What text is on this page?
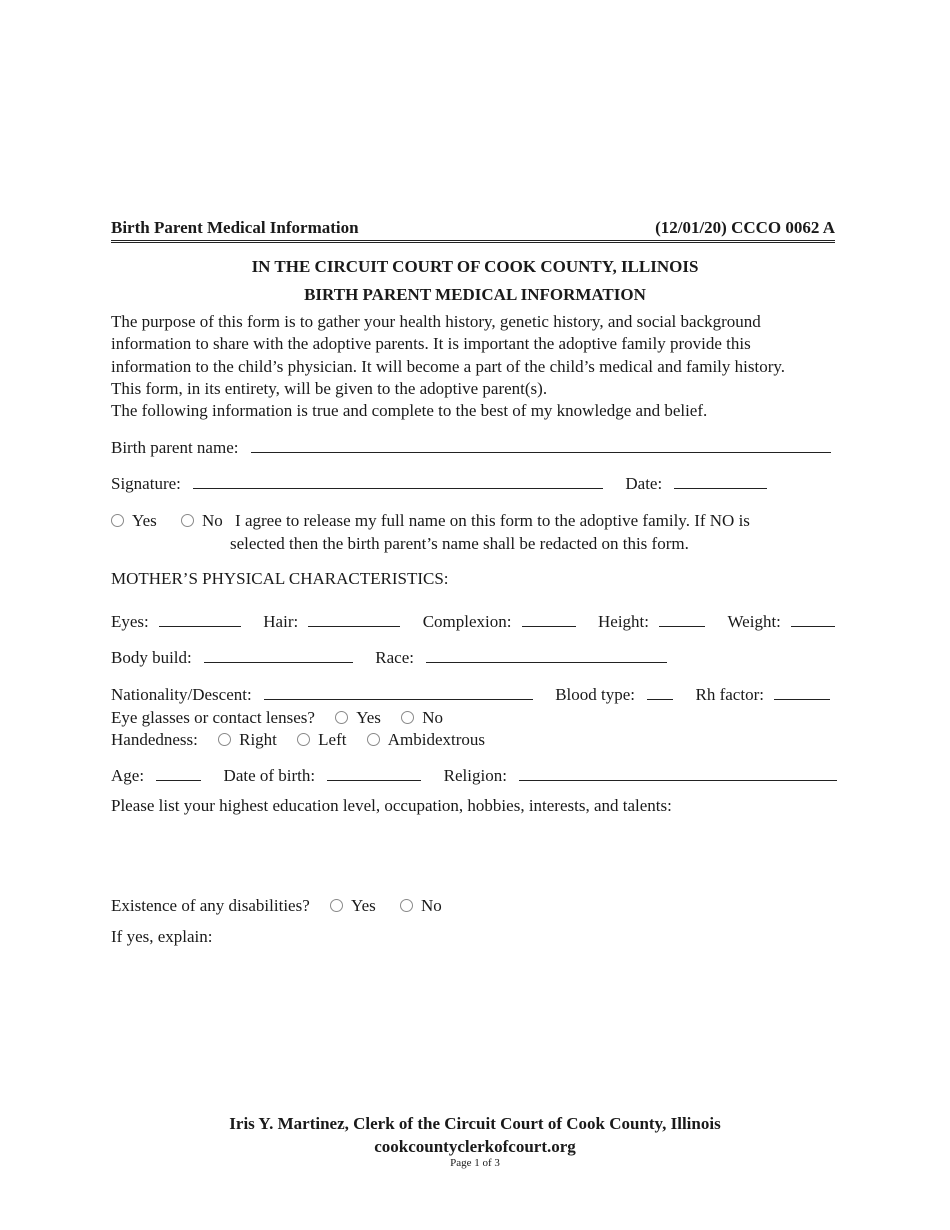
Birth Parent Medical Information	(12/01/20) CCCO 0062 A
IN THE CIRCUIT COURT OF COOK COUNTY, ILLINOIS
BIRTH PARENT MEDICAL INFORMATION
The purpose of this form is to gather your health history, genetic history, and social background
information to share with the adoptive parents. It is important the adoptive family provide this
information to the child’s physician. It will become a part of the child’s medical and family history.
This form, in its entirety, will be given to the adoptive parent(s).
The following information is true and complete to the best of my knowledge and belief.
Birth parent name:
Signature:	Date:
Yes	No I agree to release my full name on this form to the adoptive family. If NO is
selected then the birth parent’s name shall be redacted on this form.
MOTHER’S PHYSICAL CHARACTERISTICS:
Eyes:	Hair:	Complexion:	Height:	Weight:
Body build:	Race:
Nationality/Descent:	Blood type:	Rh factor:
Eye glasses or contact lenses? Yes No
Handedness: Right Left Ambidextrous
Age:	Date of birth:	Religion:
Please list your highest education level, occupation, hobbies, interests, and talents:
Existence of any disabilities? Yes	No
If yes, explain:
Iris Y. Martinez, Clerk of the Circuit Court of Cook County, Illinois
cookcountyclerkofcourt.org
Page 1 of 3
